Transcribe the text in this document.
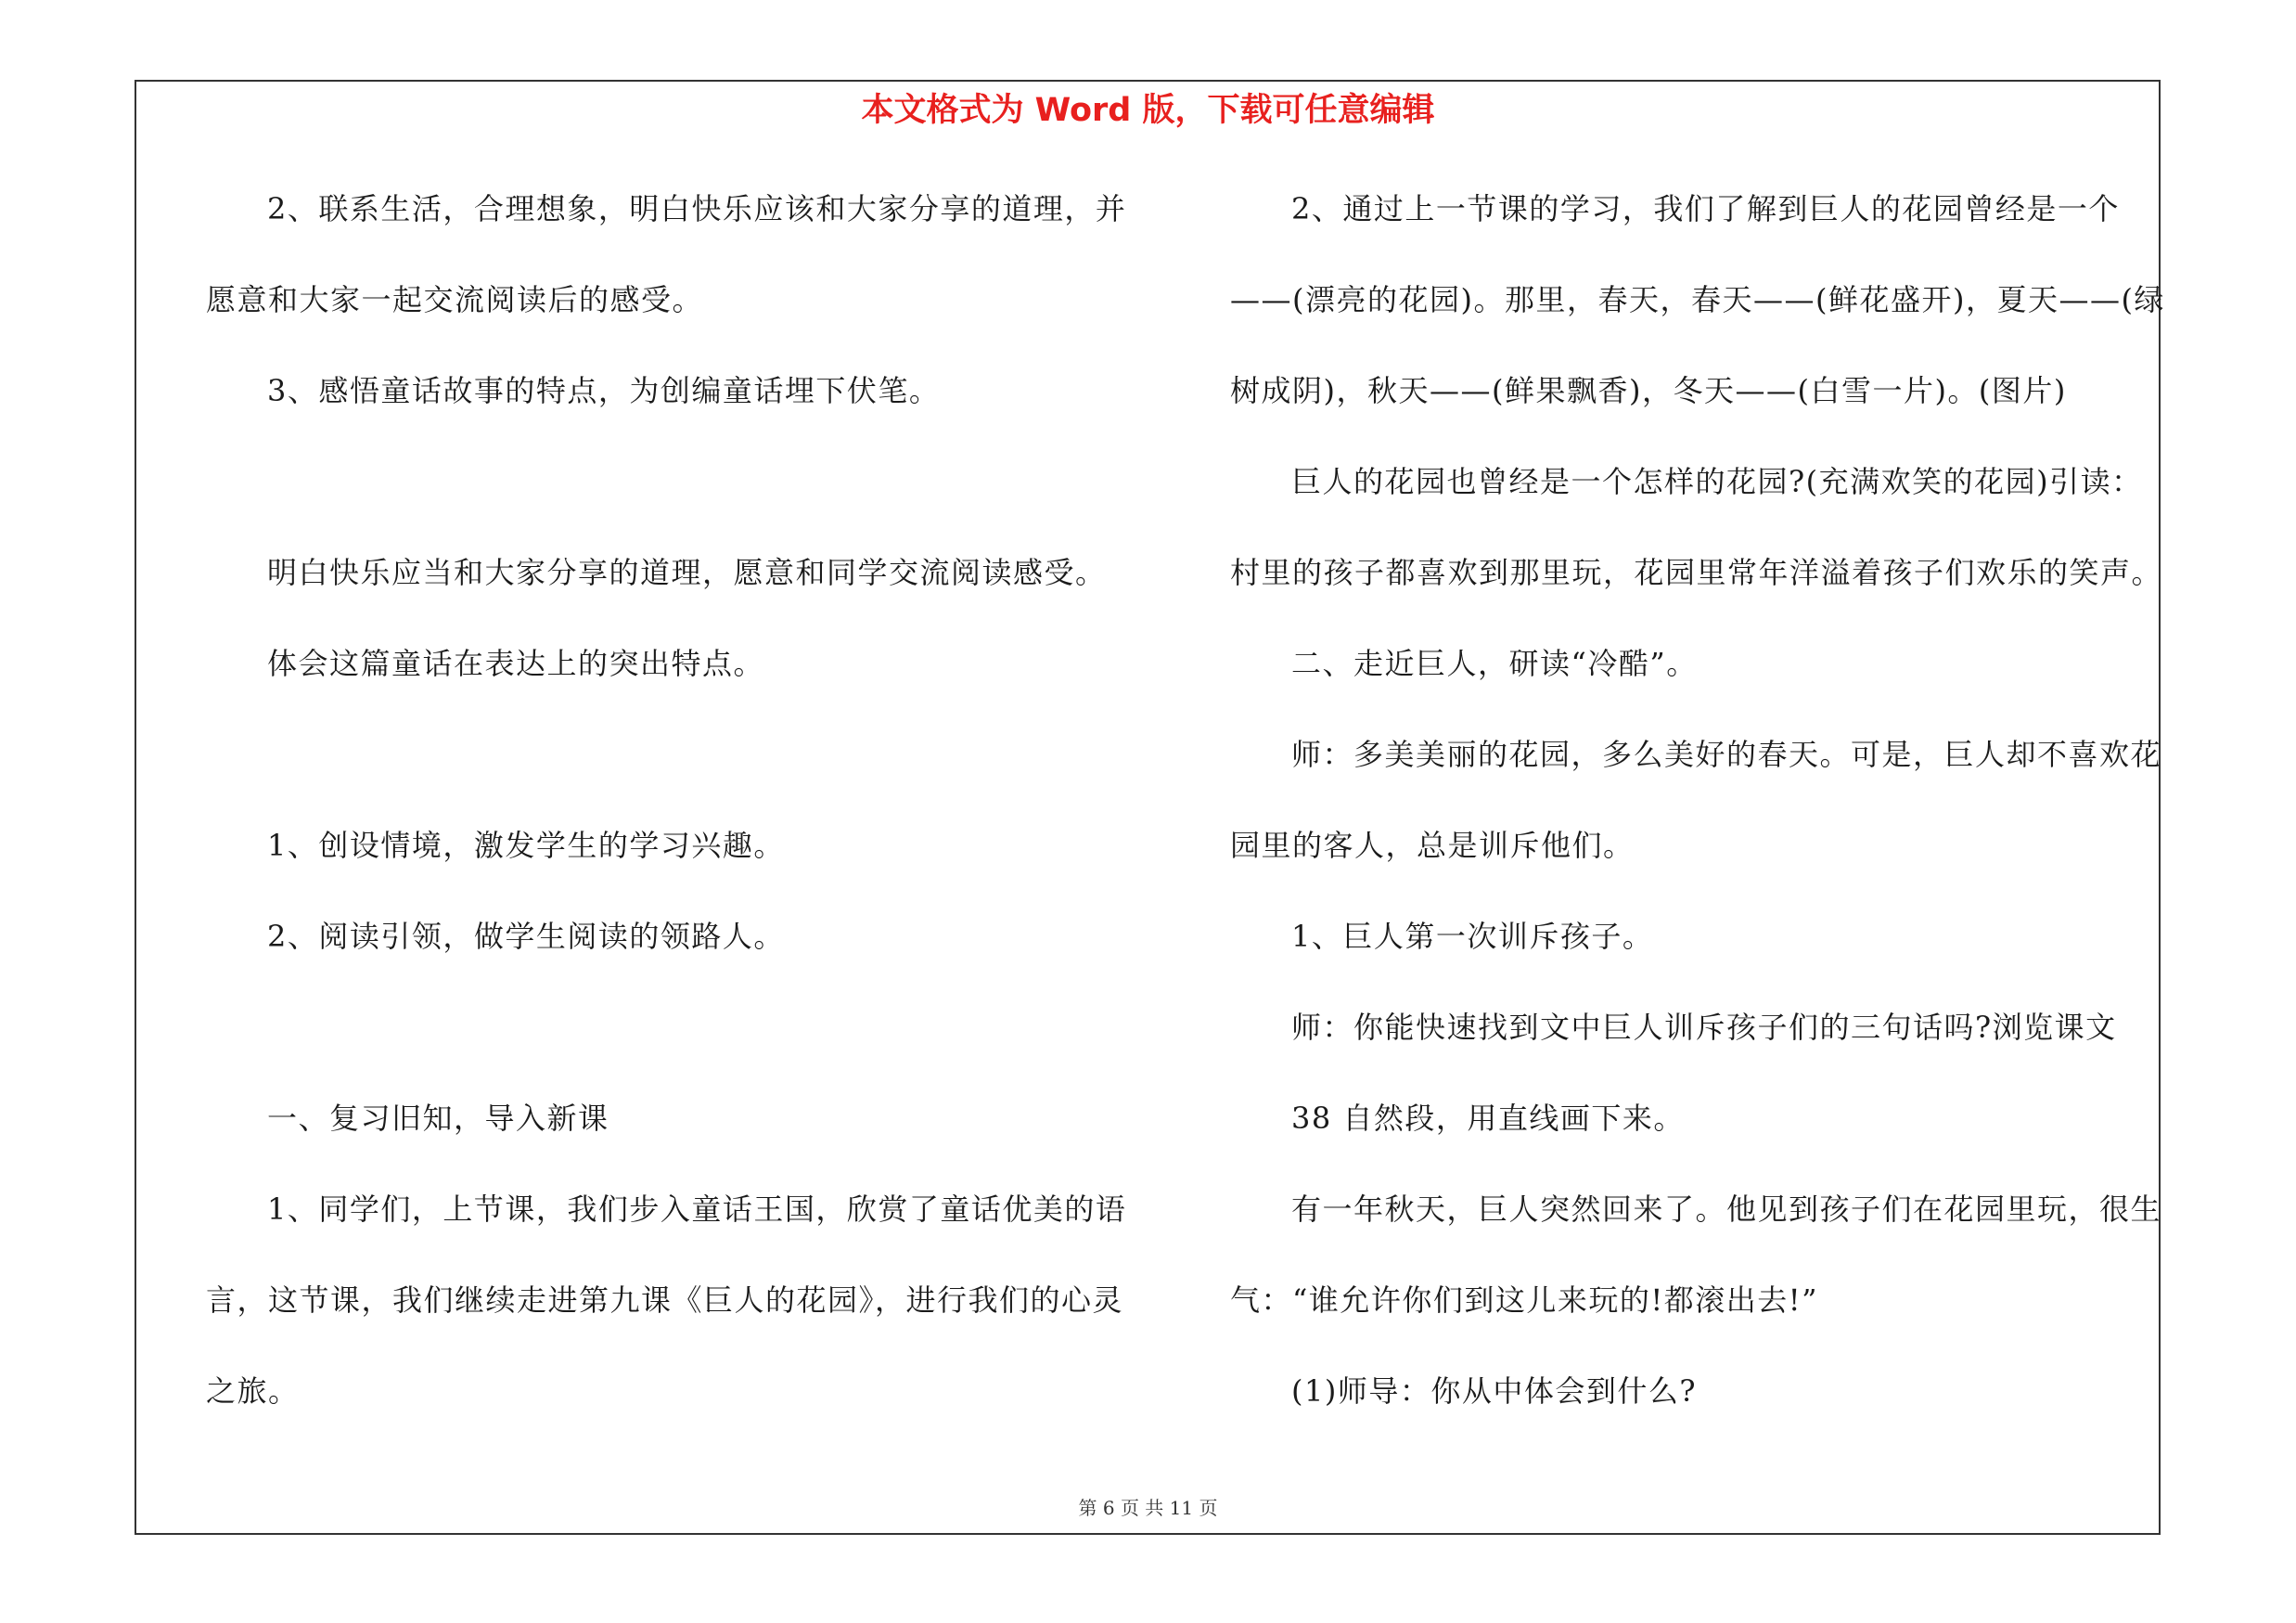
本文格式为 Word 版，下载可任意编辑
2、联系生活，合理想象，明白快乐应该和大家分享的道理，并
愿意和大家一起交流阅读后的感受。
3、感悟童话故事的特点，为创编童话埋下伏笔。
明白快乐应当和大家分享的道理，愿意和同学交流阅读感受。
体会这篇童话在表达上的突出特点。
1、创设情境，激发学生的学习兴趣。
2、阅读引领，做学生阅读的领路人。
一、复习旧知，导入新课
1、同学们，上节课，我们步入童话王国，欣赏了童话优美的语
言，这节课，我们继续走进第九课《巨人的花园》，进行我们的心灵
之旅。
2、通过上一节课的学习，我们了解到巨人的花园曾经是一个
——(漂亮的花园)。那里，春天，春天——(鲜花盛开)，夏天——(绿
树成阴)，秋天——(鲜果飘香)，冬天——(白雪一片)。(图片)
巨人的花园也曾经是一个怎样的花园?(充满欢笑的花园)引读：
村里的孩子都喜欢到那里玩，花园里常年洋溢着孩子们欢乐的笑声。
二、走近巨人，研读“冷酷”。
师：多美美丽的花园，多么美好的春天。可是，巨人却不喜欢花
园里的客人，总是训斥他们。
1、巨人第一次训斥孩子。
师：你能快速找到文中巨人训斥孩子们的三句话吗?浏览课文
38 自然段，用直线画下来。
有一年秋天，巨人突然回来了。他见到孩子们在花园里玩，很生
气：“谁允许你们到这儿来玩的!都滚出去!”
(1)师导：你从中体会到什么?
第 6 页 共 11 页
